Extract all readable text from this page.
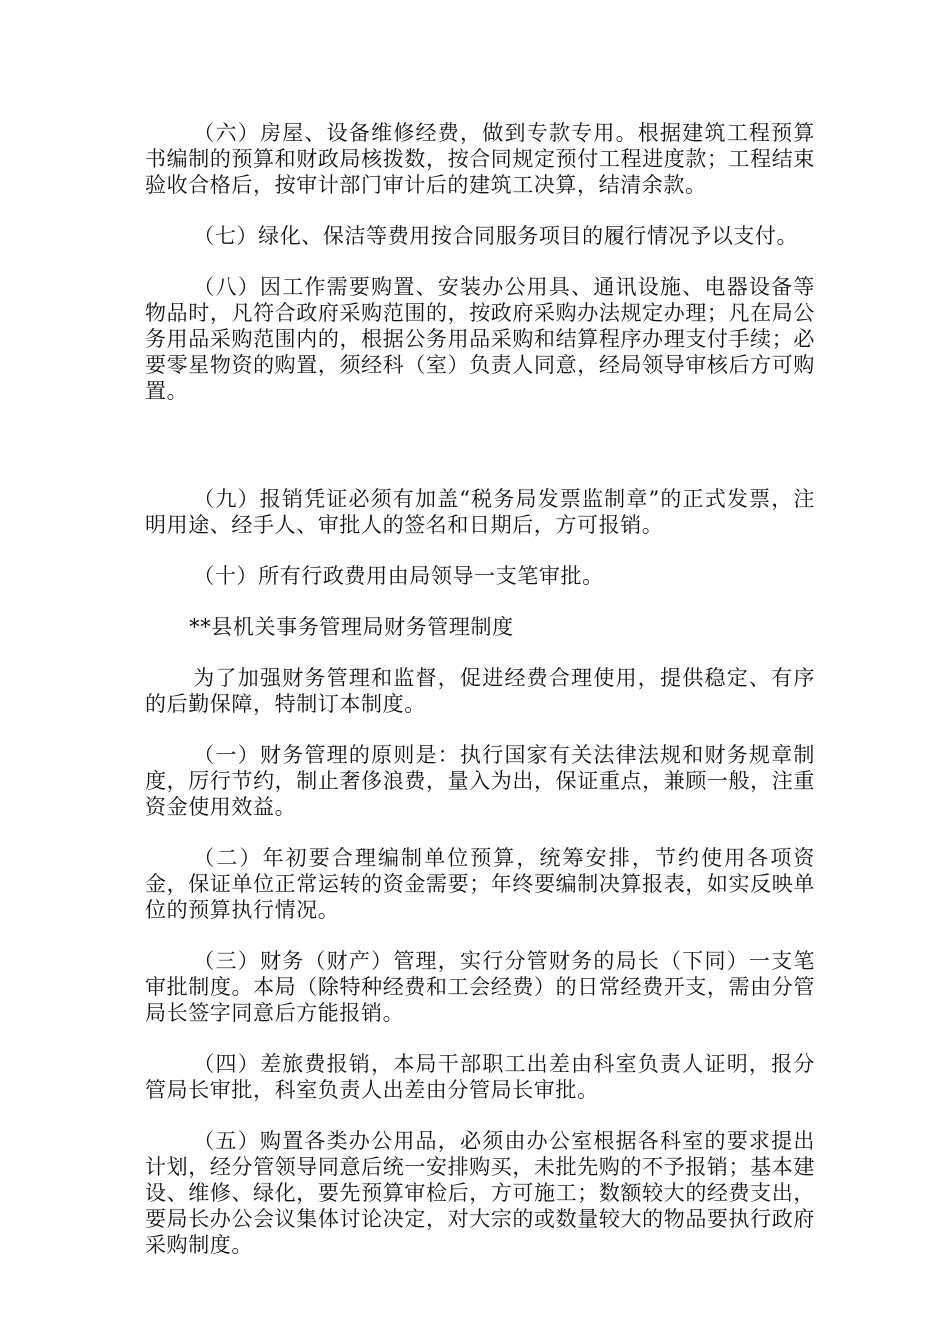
（六）房屋、设备维修经费，做到专款专用。根据建筑工程预算书编制的预算和财政局核拨数，按合同规定预付工程进度款；工程结束验收合格后，按审计部门审计后的建筑工决算，结清余款。

（七）绿化、保洁等费用按合同服务项目的履行情况予以支付。

（八）因工作需要购置、安装办公用具、通讯设施、电器设备等物品时，凡符合政府采购范围的，按政府采购办法规定办理；凡在局公务用品采购范围内的，根据公务用品采购和结算程序办理支付手续；必要零星物资的购置，须经科（室）负责人同意，经局领导审核后方可购置。

（九）报销凭证必须有加盖“税务局发票监制章”的正式发票，注明用途、经手人、审批人的签名和日期后，方可报销。

（十）所有行政费用由局领导一支笔审批。

**县机关事务管理局财务管理制度

为了加强财务管理和监督，促进经费合理使用，提供稳定、有序的后勤保障，特制订本制度。

（一）财务管理的原则是：执行国家有关法律法规和财务规章制度，厉行节约，制止奢侈浪费，量入为出，保证重点，兼顾一般，注重资金使用效益。

（二）年初要合理编制单位预算，统筹安排，节约使用各项资金，保证单位正常运转的资金需要；年终要编制决算报表，如实反映单位的预算执行情况。

（三）财务（财产）管理，实行分管财务的局长（下同）一支笔审批制度。本局（除特种经费和工会经费）的日常经费开支，需由分管局长签字同意后方能报销。

（四）差旅费报销，本局干部职工出差由科室负责人证明，报分管局长审批，科室负责人出差由分管局长审批。

（五）购置各类办公用品，必须由办公室根据各科室的要求提出计划，经分管领导同意后统一安排购买，未批先购的不予报销；基本建设、维修、绿化，要先预算审检后，方可施工；数额较大的经费支出，要局长办公会议集体讨论决定，对大宗的或数量较大的物品要执行政府采购制度。
